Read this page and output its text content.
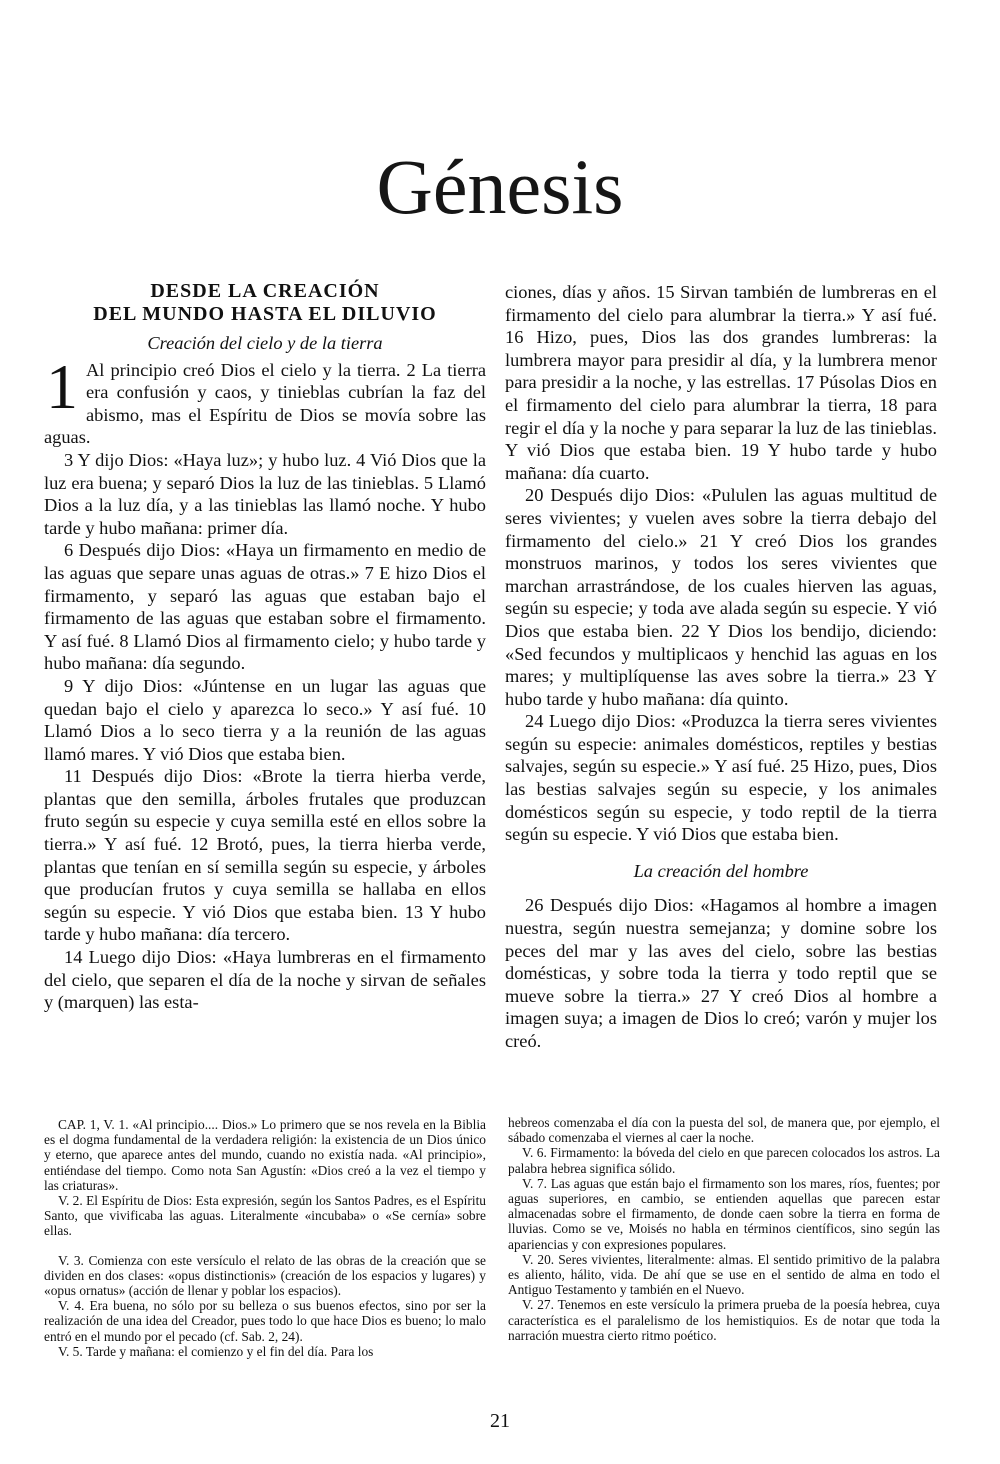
Génesis
DESDE LA CREACIÓN
DEL MUNDO HASTA EL DILUVIO
Creación del cielo y de la tierra

1 Al principio creó Dios el cielo y la tierra. 2 La tierra era confusión y caos, y tinieblas cubrían la faz del abismo, mas el Espíritu de Dios se movía sobre las aguas.

3 Y dijo Dios: «Haya luz»; y hubo luz. 4 Vió Dios que la luz era buena; y separó Dios la luz de las tinieblas. 5 Llamó Dios a la luz día, y a las tinieblas las llamó noche. Y hubo tarde y hubo mañana: primer día.

6 Después dijo Dios: «Haya un firmamento en medio de las aguas que separe unas aguas de otras.» 7 E hizo Dios el firmamento, y separó las aguas que estaban bajo el firmamento de las aguas que estaban sobre el firmamento. Y así fué. 8 Llamó Dios al firmamento cielo; y hubo tarde y hubo mañana: día segundo.

9 Y dijo Dios: «Júntense en un lugar las aguas que quedan bajo el cielo y aparezca lo seco.» Y así fué. 10 Llamó Dios a lo seco tierra y a la reunión de las aguas llamó mares. Y vió Dios que estaba bien.

11 Después dijo Dios: «Brote la tierra hierba verde, plantas que den semilla, árboles frutales que produzcan fruto según su especie y cuya semilla esté en ellos sobre la tierra.» Y así fué. 12 Brotó, pues, la tierra hierba verde, plantas que tenían en sí semilla según su especie, y árboles que producían frutos y cuya semilla se hallaba en ellos según su especie. Y vió Dios que estaba bien. 13 Y hubo tarde y hubo mañana: día tercero.

14 Luego dijo Dios: «Haya lumbreras en el firmamento del cielo, que separen el día de la noche y sirvan de señales y (marquen) las esta-

ciones, días y años. 15 Sirvan también de lumbreras en el firmamento del cielo para alumbrar la tierra.» Y así fué. 16 Hizo, pues, Dios las dos grandes lumbreras: la lumbrera mayor para presidir al día, y la lumbrera menor para presidir a la noche, y las estrellas. 17 Púsolas Dios en el firmamento del cielo para alumbrar la tierra, 18 para regir el día y la noche y para separar la luz de las tinieblas. Y vió Dios que estaba bien. 19 Y hubo tarde y hubo mañana: día cuarto.

20 Después dijo Dios: «Pululen las aguas multitud de seres vivientes; y vuelen aves sobre la tierra debajo del firmamento del cielo.» 21 Y creó Dios los grandes monstruos marinos, y todos los seres vivientes que marchan arrastrándose, de los cuales hierven las aguas, según su especie; y toda ave alada según su especie. Y vió Dios que estaba bien. 22 Y Dios los bendijo, diciendo: «Sed fecundos y multiplicaos y henchid las aguas en los mares; y multiplíquense las aves sobre la tierra.» 23 Y hubo tarde y hubo mañana: día quinto.

24 Luego dijo Dios: «Produzca la tierra seres vivientes según su especie: animales domésticos, reptiles y bestias salvajes, según su especie.» Y así fué. 25 Hizo, pues, Dios las bestias salvajes según su especie, y los animales domésticos según su especie, y todo reptil de la tierra según su especie. Y vió Dios que estaba bien.

La creación del hombre

26 Después dijo Dios: «Hagamos al hombre a imagen nuestra, según nuestra semejanza; y domine sobre los peces del mar y las aves del cielo, sobre las bestias domésticas, y sobre toda la tierra y todo reptil que se mueve sobre la tierra.» 27 Y creó Dios al hombre a imagen suya; a imagen de Dios lo creó; varón y mujer los creó.

CAP. 1, V. 1. «Al principio.... Dios.» Lo primero que se nos revela en la Biblia es el dogma fundamental de la verdadera religión: la existencia de un Dios único y eterno, que aparece antes del mundo, cuando no existía nada. «Al principio», entiéndase del tiempo. Como nota San Agustín: «Dios creó a la vez el tiempo y las criaturas».

V. 2. El Espíritu de Dios: Esta expresión, según los Santos Padres, es el Espíritu Santo, que vivificaba las aguas. Literalmente «incubaba» o «Se cernía» sobre ellas.

V. 3. Comienza con este versículo el relato de las obras de la creación que se dividen en dos clases: «opus distinctionis» (creación de los espacios y lugares) y «opus ornatus» (acción de llenar y poblar los espacios).

V. 4. Era buena, no sólo por su belleza o sus buenos efectos, sino por ser la realización de una idea del Creador, pues todo lo que hace Dios es bueno; lo malo entró en el mundo por el pecado (cf. Sab. 2, 24).

V. 5. Tarde y mañana: el comienzo y el fin del día. Para los

hebreos comenzaba el día con la puesta del sol, de manera que, por ejemplo, el sábado comenzaba el viernes al caer la noche.

V. 6. Firmamento: la bóveda del cielo en que parecen colocados los astros. La palabra hebrea significa sólido.

V. 7. Las aguas que están bajo el firmamento son los mares, ríos, fuentes; por aguas superiores, en cambio, se entienden aquellas que parecen estar almacenadas sobre el firmamento, de donde caen sobre la tierra en forma de lluvias. Como se ve, Moisés no habla en términos científicos, sino según las apariencias y con expresiones populares.

V. 20. Seres vivientes, literalmente: almas. El sentido primitivo de la palabra es aliento, hálito, vida. De ahí que se use en el sentido de alma en todo el Antiguo Testamento y también en el Nuevo.

V. 27. Tenemos en este versículo la primera prueba de la poesía hebrea, cuya característica es el paralelismo de los hemistiquios. Es de notar que toda la narración muestra cierto ritmo poético.

21
